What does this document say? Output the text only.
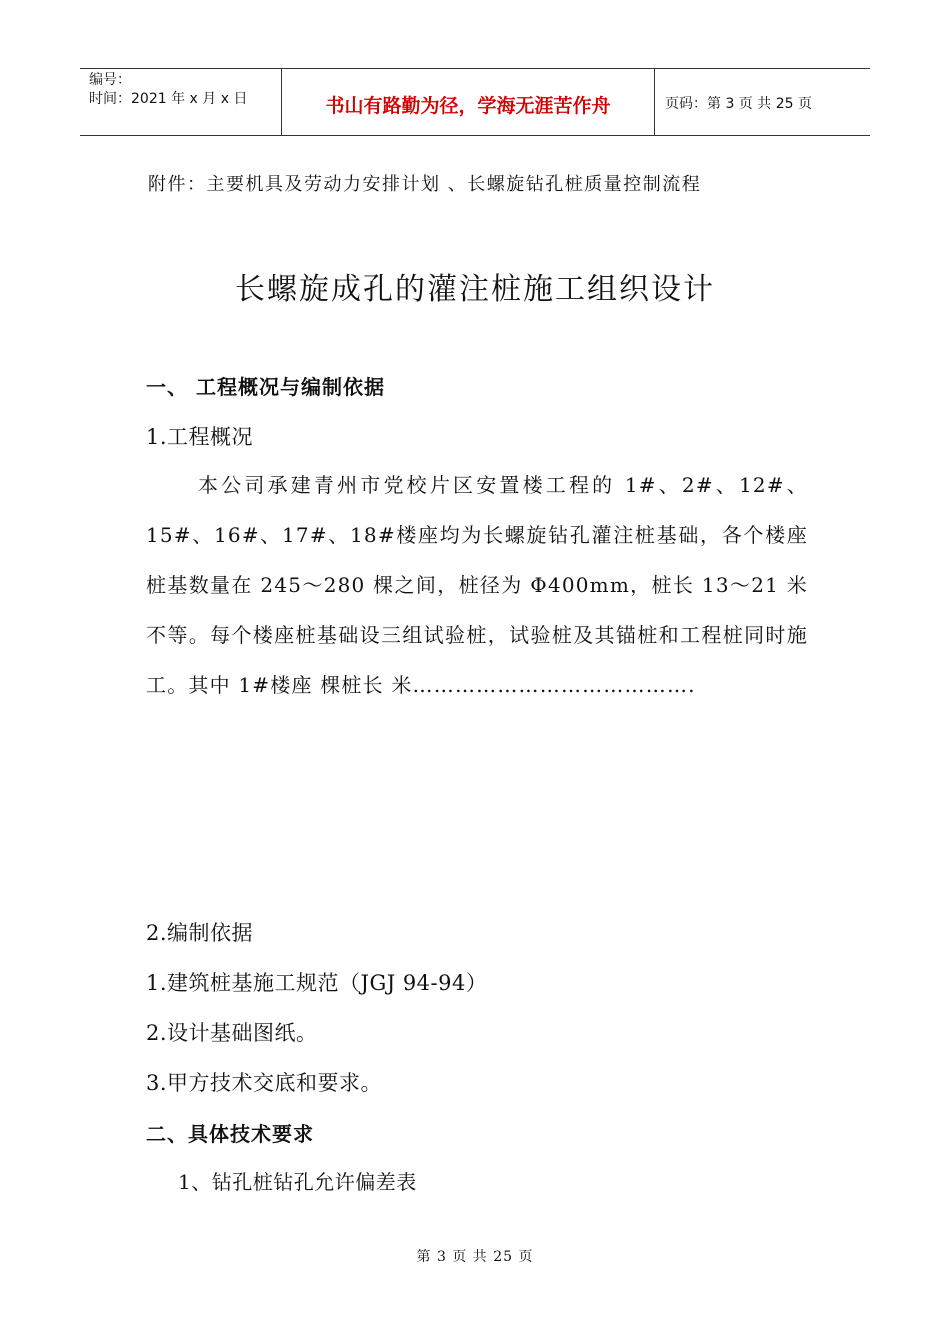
编号：
时间：2021 年 x 月 x 日	书山有路勤为径，学海无涯苦作舟	页码：第 3 页 共 25 页
附件：主要机具及劳动力安排计划 、长螺旋钻孔桩质量控制流程
长螺旋成孔的灌注桩施工组织设计
一、 工程概况与编制依据
1.工程概况
本公司承建青州市党校片区安置楼工程的 1#、2#、12#、15#、16#、17#、18#楼座均为长螺旋钻孔灌注桩基础，各个楼座桩基数量在 245～280 棵之间，桩径为 Φ400mm，桩长 13～21 米不等。每个楼座桩基础设三组试验桩，试验桩及其锚桩和工程桩同时施工。其中 1#楼座 棵桩长 米………………………………….
2.编制依据
1.建筑桩基施工规范（JGJ 94-94）
2.设计基础图纸。
3.甲方技术交底和要求。
二、具体技术要求
1、钻孔桩钻孔允许偏差表
第 3 页 共 25 页
